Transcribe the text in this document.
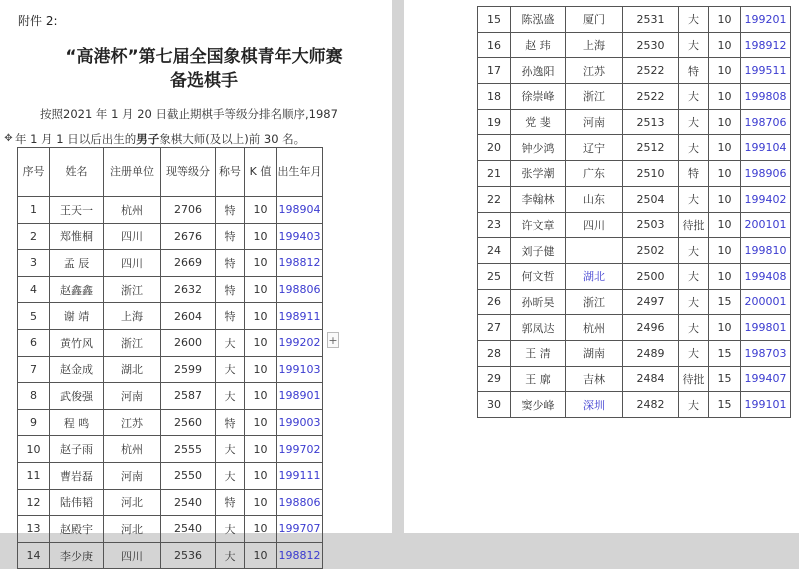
附件 2:
“高港杯”第七届全国象棋青年大师赛
备选棋手
按照2021 年 1 月 20 日截止期棋手等级分排名顺序,1987
年 1 月 1 日以后出生的男子象棋大师(及以上)前 30 名。
✥
序号	姓名	注册单位	现等级分	称号	K 值	出生年月
1	王天一	杭州	2706	特	10	198904
2	郑惟桐	四川	2676	特	10	199403
3	孟 辰	四川	2669	特	10	198812
4	赵鑫鑫	浙江	2632	特	10	198806
5	谢 靖	上海	2604	特	10	198911
6	黄竹风	浙江	2600	大	10	199202
7	赵金成	湖北	2599	大	10	199103
8	武俊强	河南	2587	大	10	198901
9	程 鸣	江苏	2560	特	10	199003
10	赵子雨	杭州	2555	大	10	199702
11	曹岩磊	河南	2550	大	10	199111
12	陆伟韬	河北	2540	特	10	198806
13	赵殿宇	河北	2540	大	10	199707
14	李少庚	四川	2536	大	10	198812
+
15	陈泓盛	厦门	2531	大	10	199201
16	赵 玮	上海	2530	大	10	198912
17	孙逸阳	江苏	2522	特	10	199511
18	徐崇峰	浙江	2522	大	10	199808
19	党 斐	河南	2513	大	10	198706
20	钟少鸿	辽宁	2512	大	10	199104
21	张学潮	广东	2510	特	10	198906
22	李翰林	山东	2504	大	10	199402
23	许文章	四川	2503	待批	10	200101
24	刘子健		2502	大	10	199810
25	何文哲	湖北	2500	大	10	199408
26	孙昕昊	浙江	2497	大	15	200001
27	郭凤达	杭州	2496	大	10	199801
28	王 清	湖南	2489	大	15	198703
29	王 廓	吉林	2484	待批	15	199407
30	窦少峰	深圳	2482	大	15	199101
